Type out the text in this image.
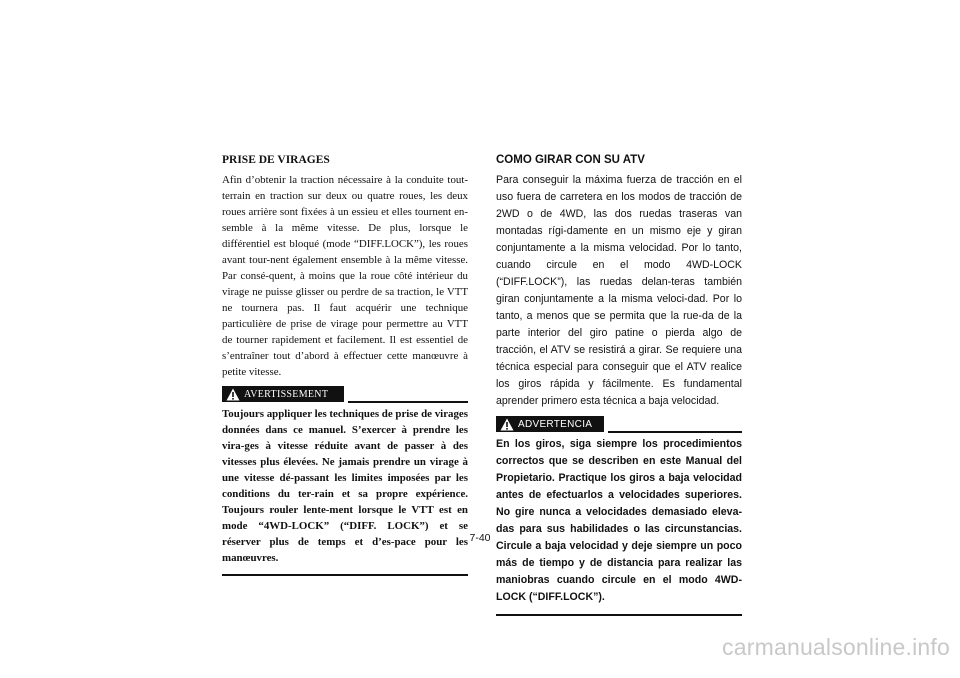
PRISE DE VIRAGES

Afin d’obtenir la traction nécessaire à la conduite tout-terrain en traction sur deux ou quatre roues, les deux roues arrière sont fixées à un essieu et elles tournent en-semble à la même vitesse. De plus, lorsque le différentiel est bloqué (mode “DIFF.LOCK”), les roues avant tour-nent également ensemble à la même vitesse. Par consé-quent, à moins que la roue côté intérieur du virage ne puisse glisser ou perdre de sa traction, le VTT ne tournera pas. Il faut acquérir une technique particulière de prise de virage pour permettre au VTT de tourner rapidement et facilement. Il est essentiel de s’entraîner tout d’abord à effectuer cette manœuvre à petite vitesse.

AVERTISSEMENT

Toujours appliquer les techniques de prise de virages données dans ce manuel. S’exercer à prendre les vira-ges à vitesse réduite avant de passer à des vitesses plus élevées. Ne jamais prendre un virage à une vitesse dé-passant les limites imposées par les conditions du ter-rain et sa propre expérience. Toujours rouler lente-ment lorsque le VTT est en mode “4WD-LOCK” (“DIFF. LOCK”) et se réserver plus de temps et d’es-pace pour les manœuvres.

COMO GIRAR CON SU ATV

Para conseguir la máxima fuerza de tracción en el uso fuera de carretera en los modos de tracción de 2WD o de 4WD, las dos ruedas traseras van montadas rígi-damente en un mismo eje y giran conjuntamente a la misma velocidad. Por lo tanto, cuando circule en el modo 4WD-LOCK (“DIFF.LOCK”), las ruedas delan-teras también giran conjuntamente a la misma veloci-dad. Por lo tanto, a menos que se permita que la rue-da de la parte interior del giro patine o pierda algo de tracción, el ATV se resistirá a girar. Se requiere una técnica especial para conseguir que el ATV realice los giros rápida y fácilmente. Es fundamental aprender primero esta técnica a baja velocidad.

ADVERTENCIA

En los giros, siga siempre los procedimientos correctos que se describen en este Manual del Propietario. Practique los giros a baja velocidad antes de efectuarlos a velocidades superiores. No gire nunca a velocidades demasiado eleva-das para sus habilidades o las circunstancias. Circule a baja velocidad y deje siempre un poco más de tiempo y de distancia para realizar las maniobras cuando circule en el modo 4WD-LOCK (“DIFF.LOCK”).

7-40
carmanualsonline.info
